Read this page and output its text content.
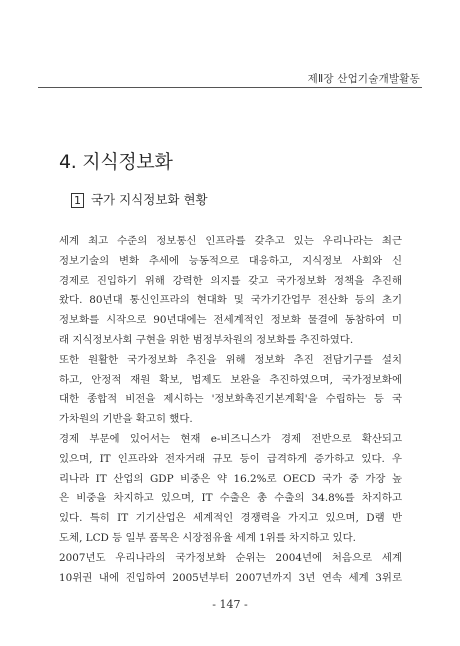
제Ⅱ장 산업기술개발활동
4. 지식정보화
1 국가 지식정보화 현황

세계 최고 수준의 정보통신 인프라를 갖추고 있는 우리나라는 최근
정보기술의 변화 추세에 능동적으로 대응하고, 지식정보 사회와 신
경제로 진입하기 위해 강력한 의지를 갖고 국가정보화 정책을 추진해
왔다. 80년대 통신인프라의 현대화 및 국가기간업무 전산화 등의 초기
정보화를 시작으로 90년대에는 전세계적인 정보화 물결에 동참하여 미
래 지식정보사회 구현을 위한 범정부차원의 정보화를 추진하였다.

또한 원활한 국가정보화 추진을 위해 정보화 추진 전담기구를 설치
하고, 안정적 재원 확보, 법제도 보완을 추진하였으며, 국가정보화에
대한 종합적 비전을 제시하는 '정보화촉진기본계획'을 수립하는 등 국
가차원의 기반을 확고히 했다.

경제 부문에 있어서는 현재 e-비즈니스가 경제 전반으로 확산되고
있으며, IT 인프라와 전자거래 규모 등이 급격하게 증가하고 있다. 우
리나라 IT 산업의 GDP 비중은 약 16.2%로 OECD 국가 중 가장 높
은 비중을 차지하고 있으며, IT 수출은 총 수출의 34.8%를 차지하고
있다. 특히 IT 기기산업은 세계적인 경쟁력을 가지고 있으며, D램 반
도체, LCD 등 일부 품목은 시장점유율 세계 1위를 차지하고 있다.

2007년도 우리나라의 국가정보화 순위는 2004년에 처음으로 세계
10위권 내에 진입하여 2005년부터 2007년까지 3년 연속 세계 3위로

- 147 -
